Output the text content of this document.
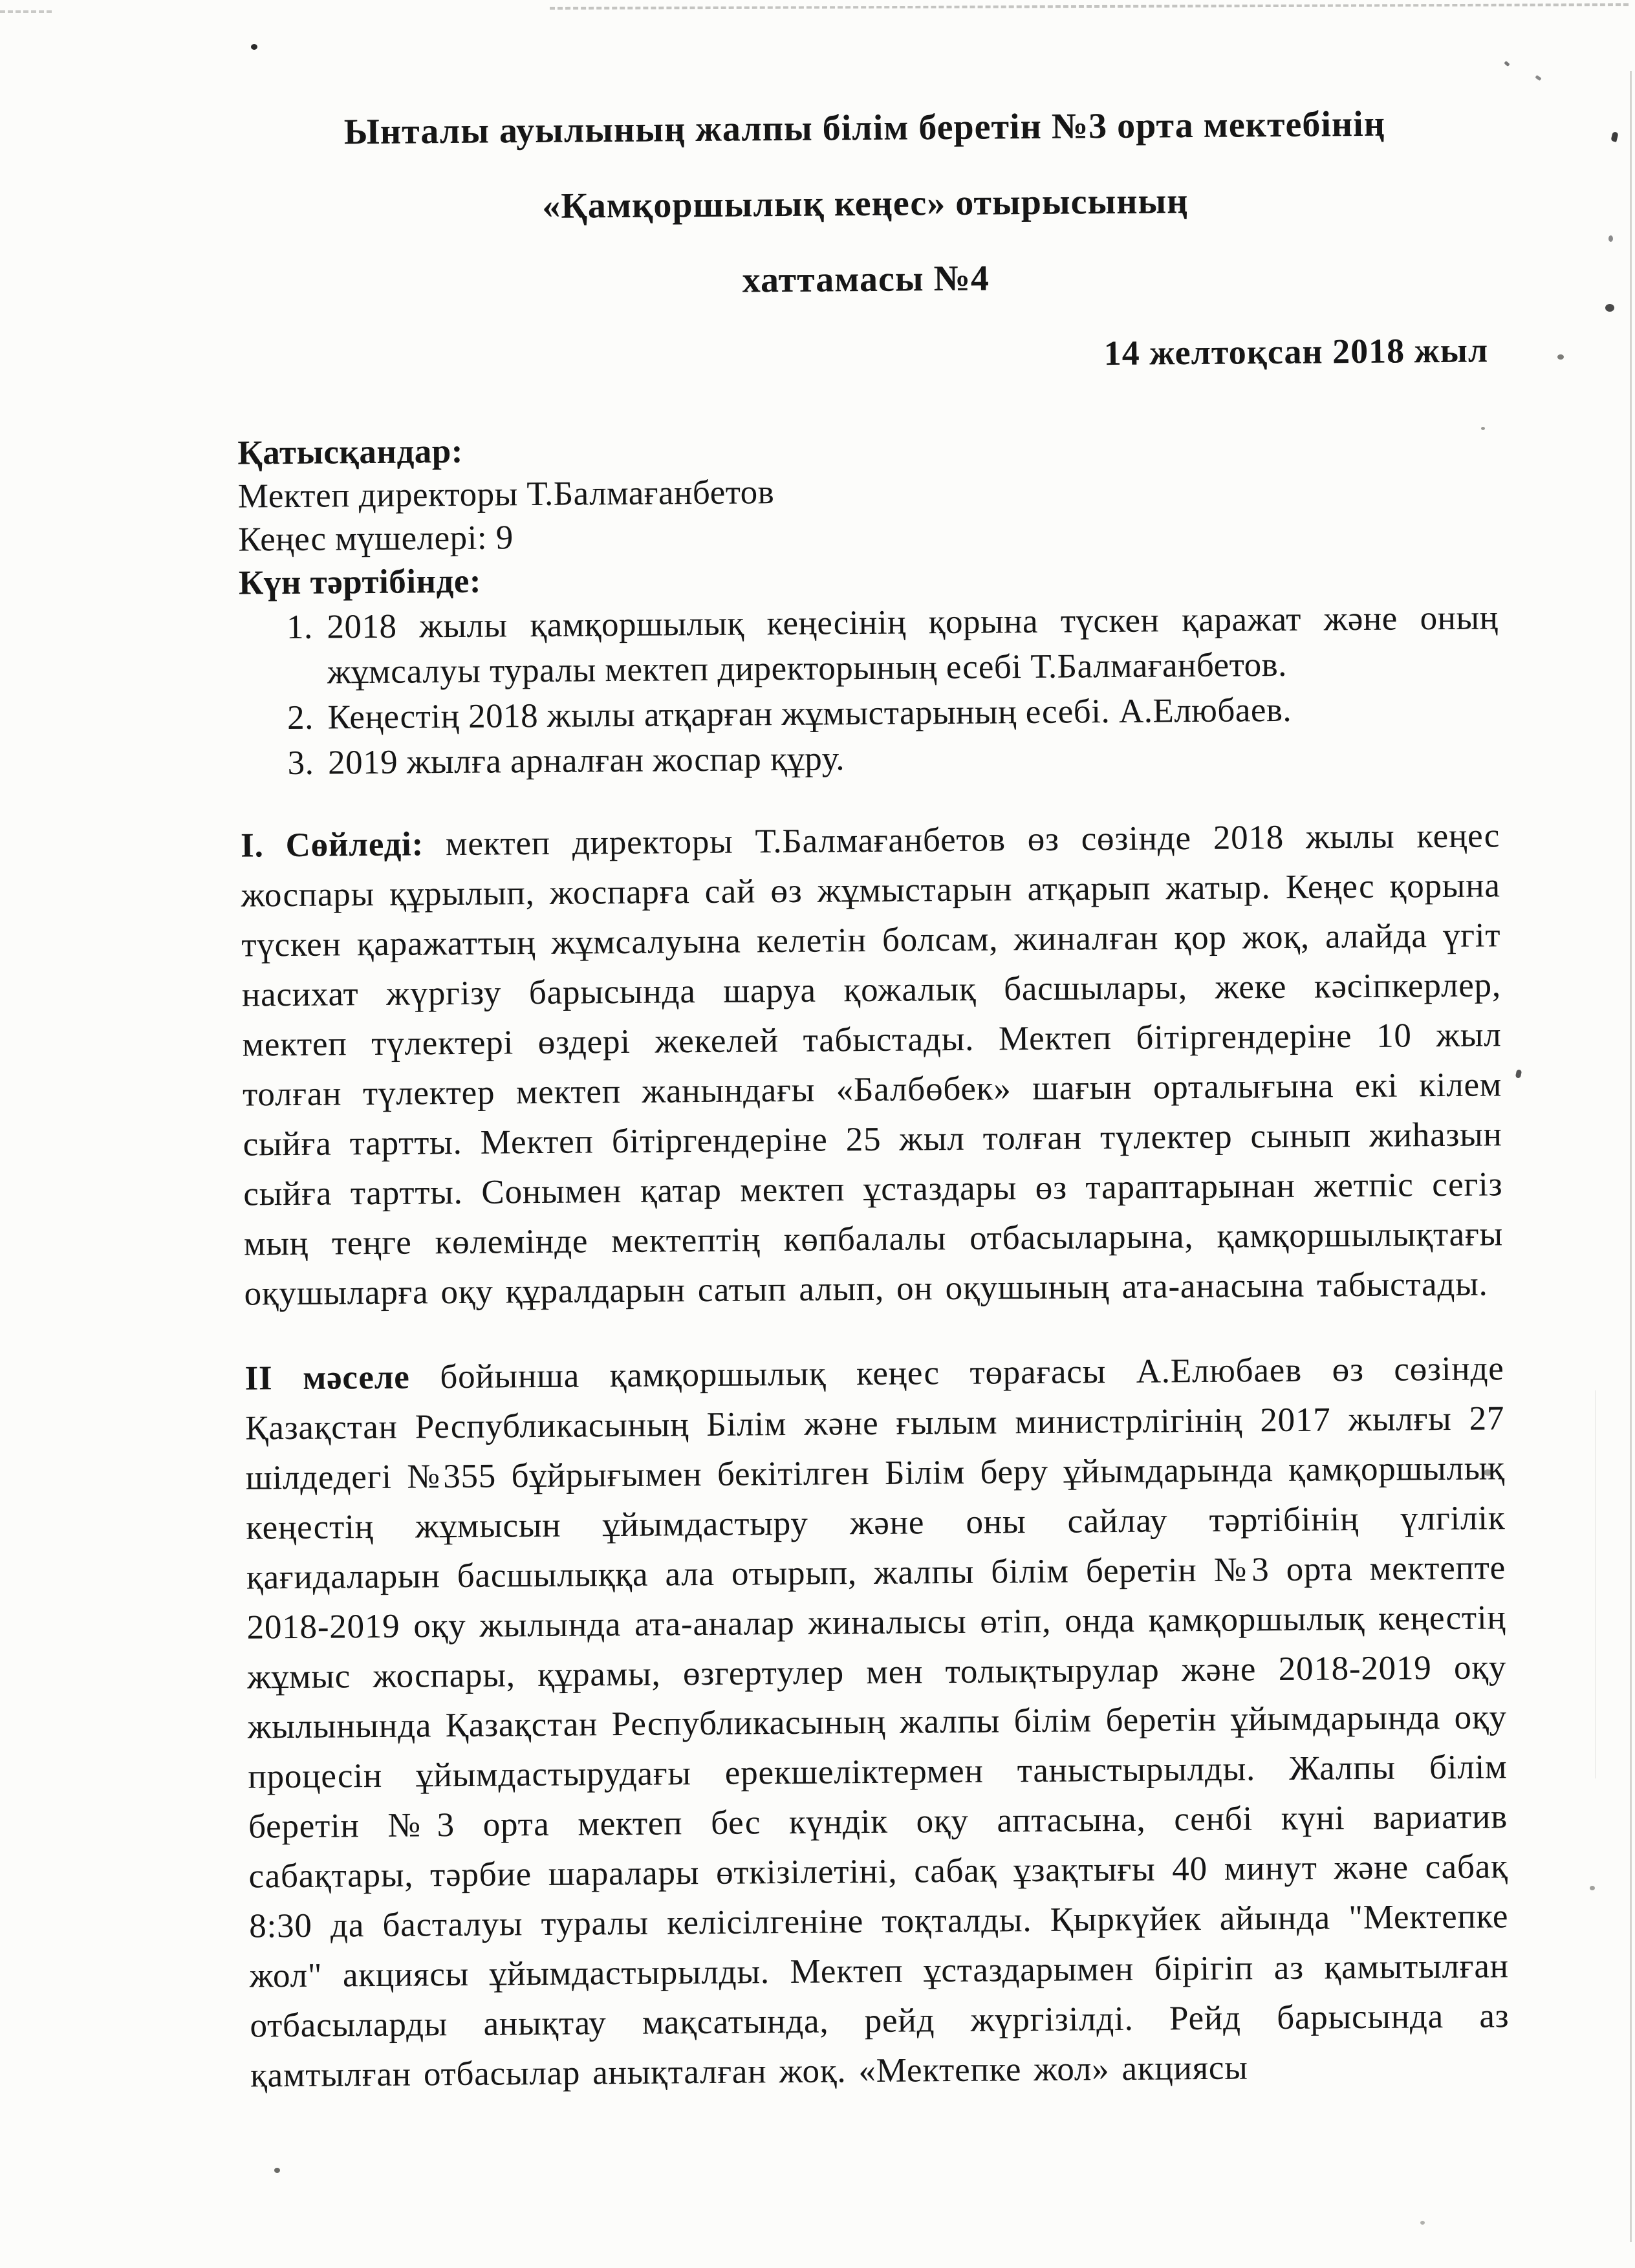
Ынталы ауылының жалпы білім беретін №3 орта мектебінің
«Қамқоршылық кеңес» отырысының
хаттамасы №4
14 желтоқсан 2018 жыл
Қатысқандар:
Мектеп директоры Т.Балмағанбетов
Кеңес мүшелері: 9
Күн тәртібінде:
1. 2018 жылы қамқоршылық кеңесінің қорына түскен қаражат және оның жұмсалуы туралы мектеп директорының есебі Т.Балмағанбетов.
2. Кеңестің 2018 жылы атқарған жұмыстарының есебі. А.Елюбаев.
3. 2019 жылға арналған жоспар құру.

I. Сөйледі: мектеп директоры Т.Балмағанбетов өз сөзінде 2018 жылы кеңес жоспары құрылып, жоспарға сай өз жұмыстарын атқарып жатыр. Кеңес қорына түскен қаражаттың жұмсалуына келетін болсам, жиналған қор жоқ, алайда үгіт насихат жүргізу барысында шаруа қожалық басшылары, жеке кәсіпкерлер, мектеп түлектері өздері жекелей табыстады. Мектеп бітіргендеріне 10 жыл толған түлектер мектеп жанындағы «Балбөбек» шағын орталығына екі кілем сыйға тартты. Мектеп бітіргендеріне 25 жыл толған түлектер сынып жиһазын сыйға тартты. Сонымен қатар мектеп ұстаздары өз тараптарынан жетпіс сегіз мың теңге көлемінде мектептің көпбалалы отбасыларына, қамқоршылықтағы оқушыларға оқу құралдарын сатып алып, он оқушының ата-анасына табыстады.

II мәселе бойынша қамқоршылық кеңес төрағасы А.Елюбаев өз сөзінде Қазақстан Республикасының Білім және ғылым министрлігінің 2017 жылғы 27 шілдедегі №355 бұйрығымен бекітілген Білім беру ұйымдарында қамқоршылық кеңестің жұмысын ұйымдастыру және оны сайлау тәртібінің үлгілік қағидаларын басшылыққа ала отырып, жалпы білім беретін №3 орта мектепте 2018-2019 оқу жылында ата-аналар жиналысы өтіп, онда қамқоршылық кеңестің жұмыс жоспары, құрамы, өзгертулер мен толықтырулар және 2018-2019 оқу жылынында Қазақстан Республикасының жалпы білім беретін ұйымдарында оқу процесін ұйымдастырудағы ерекшеліктермен таныстырылды. Жалпы білім беретін №3 орта мектеп бес күндік оқу аптасына, сенбі күні вариатив сабақтары, тәрбие шаралары өткізілетіні, сабақ ұзақтығы 40 минут және сабақ 8:30 да басталуы туралы келісілгеніне тоқталды. Қыркүйек айында "Мектепке жол" акциясы ұйымдастырылды. Мектеп ұстаздарымен бірігіп аз қамытылған отбасыларды анықтау мақсатында, рейд жүргізілді. Рейд барысында аз қамтылған отбасылар анықталған жоқ. «Мектепке жол» акциясы
